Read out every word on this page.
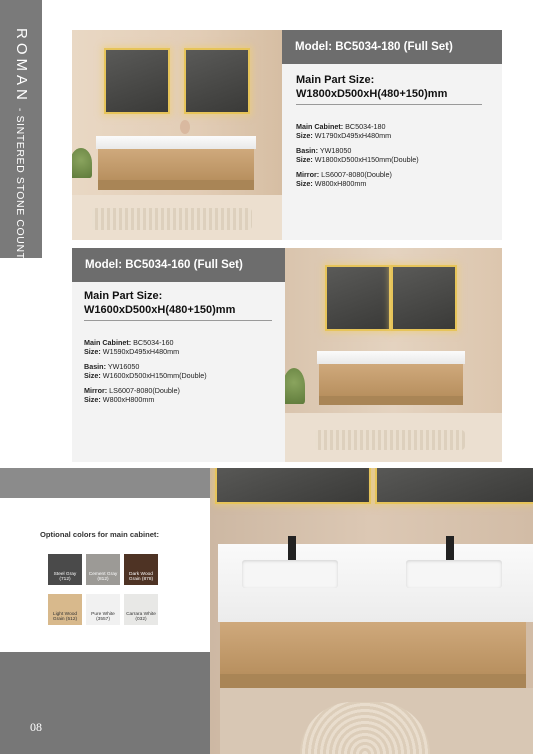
ROMAN- SINTERED STONE COUNTER
Model: BC5034-180 (Full Set)
Main Part Size:
W1800xD500xH(480+150)mm
Main Cabinet: BC5034-180
Size: W1790xD495xH480mm
Basin: YW18050
Size: W1800xD500xH150mm(Double)
Mirror: LS6007-8080(Double)
Size: W800xH800mm
Model: BC5034-160 (Full Set)
Main Part Size:
W1600xD500xH(480+150)mm
Main Cabinet: BC5034-160
Size: W1590xD495xH480mm
Basin: YW16050
Size: W1600xD500xH150mm(Double)
Mirror: LS6007-8080(Double)
Size: W800xH800mm
Optional colors for main cabinet:
Steel Gray
(712)
Cement Gray
(812)
Dark Wood
Grain (878)
Light Wood
Grain (512)
Pure White
(3557)
Carrara White
(032)
08
